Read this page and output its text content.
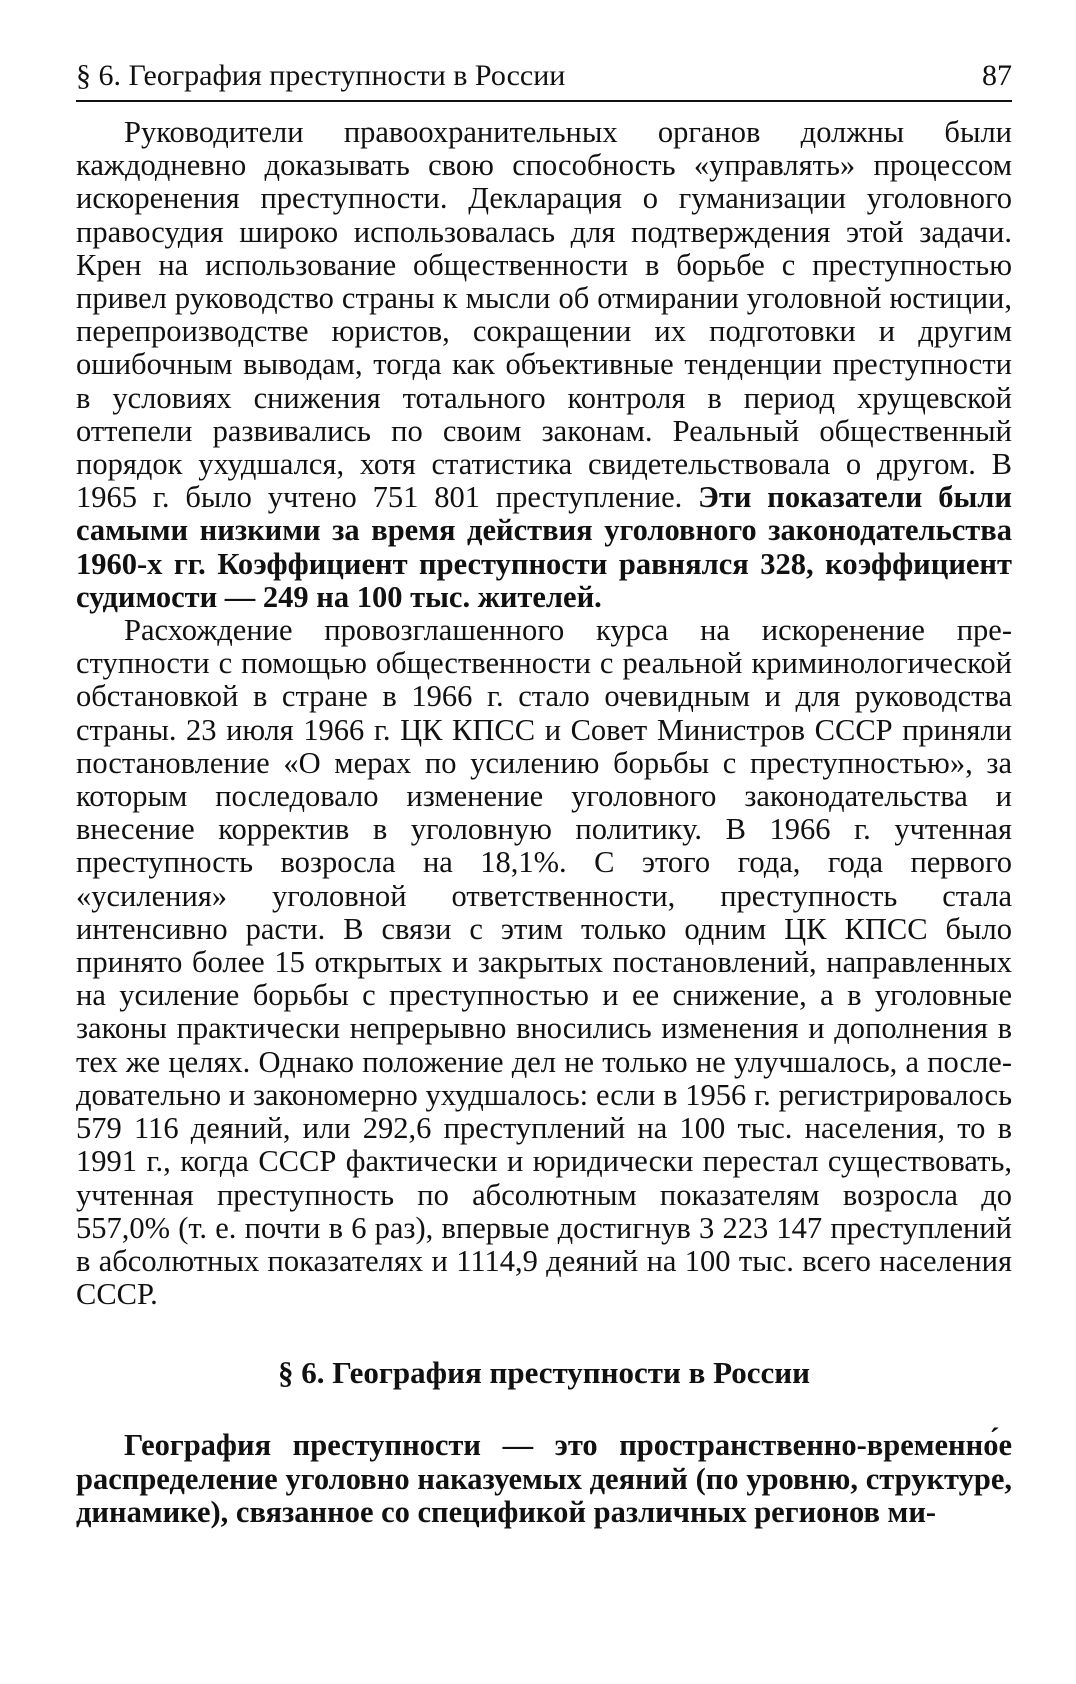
§ 6. География преступности в России	87

Руководители правоохранительных органов должны были каждодневно доказывать свою способность «управлять» процессом искоренения преступности. Декларация о гуманизации уголовного правосудия широко использовалась для подтверждения этой задачи. Крен на использование общественности в борьбе с преступностью привел руководство страны к мысли об отмирании уголовной юстиции, перепроизводстве юристов, сокращении их подготовки и другим ошибочным выводам, тогда как объективные тенденции преступности в условиях снижения тотального контроля в период хрущевской оттепели развивались по своим законам. Реальный общественный порядок ухудшался, хотя статистика свидетельствовала о другом. В 1965 г. было учтено 751 801 преступление. Эти показатели были самыми низкими за время действия уголовного законодательства 1960-х гг. Коэффициент преступности равнялся 328, коэффициент судимости — 249 на 100 тыс. жителей.

Расхождение провозглашенного курса на искоренение преступности с помощью общественности с реальной криминологической обстановкой в стране в 1966 г. стало очевидным и для руководства страны. 23 июля 1966 г. ЦК КПСС и Совет Министров СССР приняли постановление «О мерах по усилению борьбы с преступностью», за которым последовало изменение уголовного законодательства и внесение корректив в уголовную политику. В 1966 г. учтенная преступность возросла на 18,1%. С этого года, года первого «усиления» уголовной ответственности, преступность стала интенсивно расти. В связи с этим только одним ЦК КПСС было принято более 15 открытых и закрытых постановлений, направленных на усиление борьбы с преступностью и ее снижение, а в уголовные законы практически непрерывно вносились изменения и дополнения в тех же целях. Однако положение дел не только не улучшалось, а последовательно и закономерно ухудшалось: если в 1956 г. регистрировалось 579 116 деяний, или 292,6 преступлений на 100 тыс. населения, то в 1991 г., когда СССР фактически и юридически перестал существовать, учтенная преступность по абсолютным показателям возросла до 557,0% (т. е. почти в 6 раз), впервые достигнув 3 223 147 преступлений в абсолютных показателях и 1114,9 деяний на 100 тыс. всего населения СССР.

§ 6. География преступности в России

География преступности — это пространственно-временно́е распределение уголовно наказуемых деяний (по уровню, структуре, динамике), связанное со спецификой различных регионов ми-
